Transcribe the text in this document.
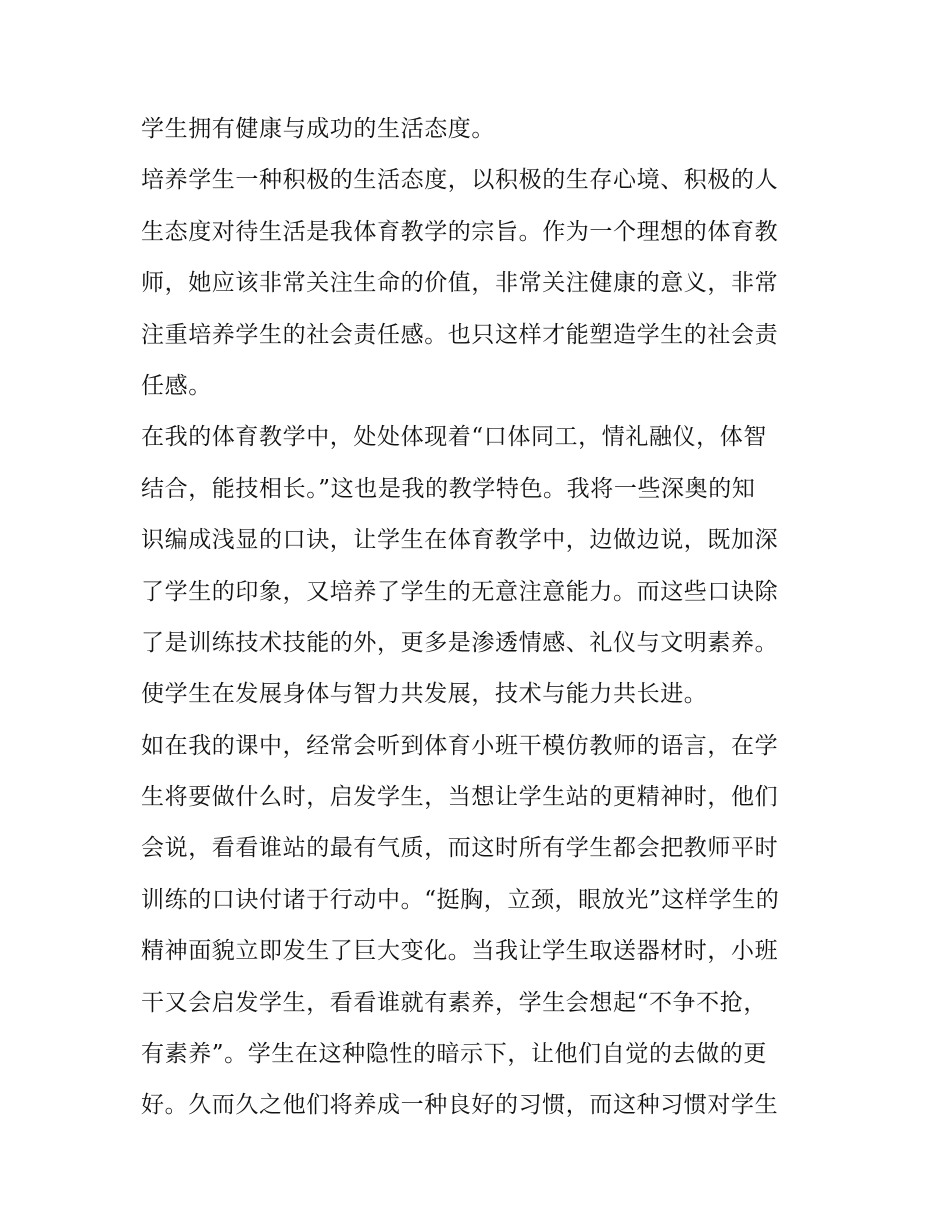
学生拥有健康与成功的生活态度。
培养学生一种积极的生活态度，以积极的生存心境、积极的人
生态度对待生活是我体育教学的宗旨。作为一个理想的体育教
师，她应该非常关注生命的价值，非常关注健康的意义，非常
注重培养学生的社会责任感。也只这样才能塑造学生的社会责
任感。
在我的体育教学中，处处体现着“口体同工，情礼融仪，体智
结合，能技相长。”这也是我的教学特色。我将一些深奥的知
识编成浅显的口诀，让学生在体育教学中，边做边说，既加深
了学生的印象，又培养了学生的无意注意能力。而这些口诀除
了是训练技术技能的外，更多是渗透情感、礼仪与文明素养。
使学生在发展身体与智力共发展，技术与能力共长进。
如在我的课中，经常会听到体育小班干模仿教师的语言，在学
生将要做什么时，启发学生，当想让学生站的更精神时，他们
会说，看看谁站的最有气质，而这时所有学生都会把教师平时
训练的口诀付诸于行动中。“挺胸，立颈，眼放光”这样学生的
精神面貌立即发生了巨大变化。当我让学生取送器材时，小班
干又会启发学生，看看谁就有素养，学生会想起“不争不抢，
有素养”。学生在这种隐性的暗示下，让他们自觉的去做的更
好。久而久之他们将养成一种良好的习惯，而这种习惯对学生
